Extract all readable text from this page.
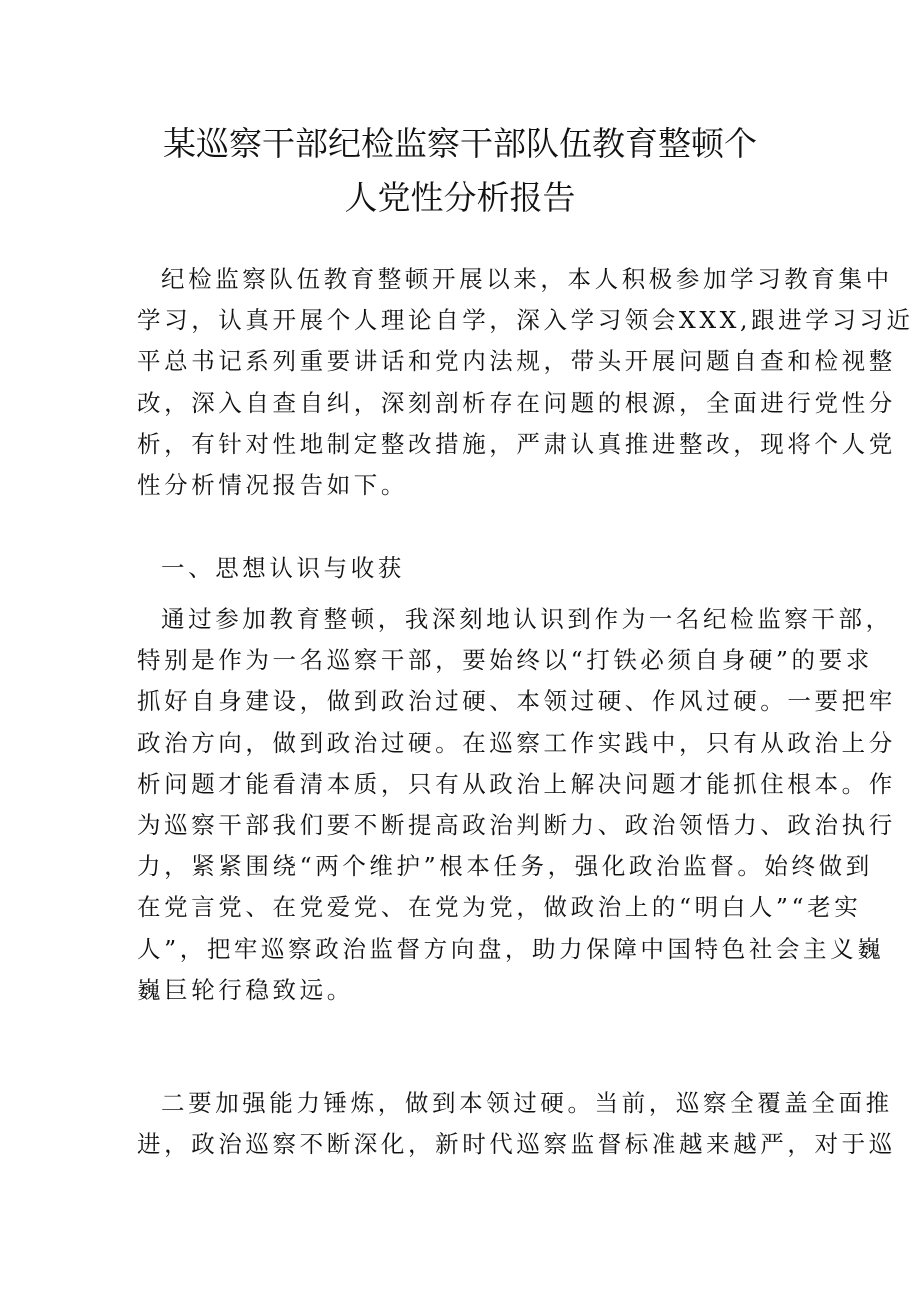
某巡察干部纪检监察干部队伍教育整顿个
人党性分析报告
纪检监察队伍教育整顿开展以来，本人积极参加学习教育集中
学习，认真开展个人理论自学，深入学习领会XXX,跟进学习习近
平总书记系列重要讲话和党内法规，带头开展问题自查和检视整
改，深入自查自纠，深刻剖析存在问题的根源，全面进行党性分
析，有针对性地制定整改措施，严肃认真推进整改，现将个人党
性分析情况报告如下。
一、思想认识与收获
通过参加教育整顿，我深刻地认识到作为一名纪检监察干部，
特别是作为一名巡察干部，要始终以“打铁必须自身硬”的要求
抓好自身建设，做到政治过硬、本领过硬、作风过硬。一要把牢
政治方向，做到政治过硬。在巡察工作实践中，只有从政治上分
析问题才能看清本质，只有从政治上解决问题才能抓住根本。作
为巡察干部我们要不断提高政治判断力、政治领悟力、政治执行
力，紧紧围绕“两个维护”根本任务，强化政治监督。始终做到
在党言党、在党爱党、在党为党，做政治上的“明白人”“老实
人”，把牢巡察政治监督方向盘，助力保障中国特色社会主义巍
巍巨轮行稳致远。
二要加强能力锤炼，做到本领过硬。当前，巡察全覆盖全面推
进，政治巡察不断深化，新时代巡察监督标准越来越严，对于巡
